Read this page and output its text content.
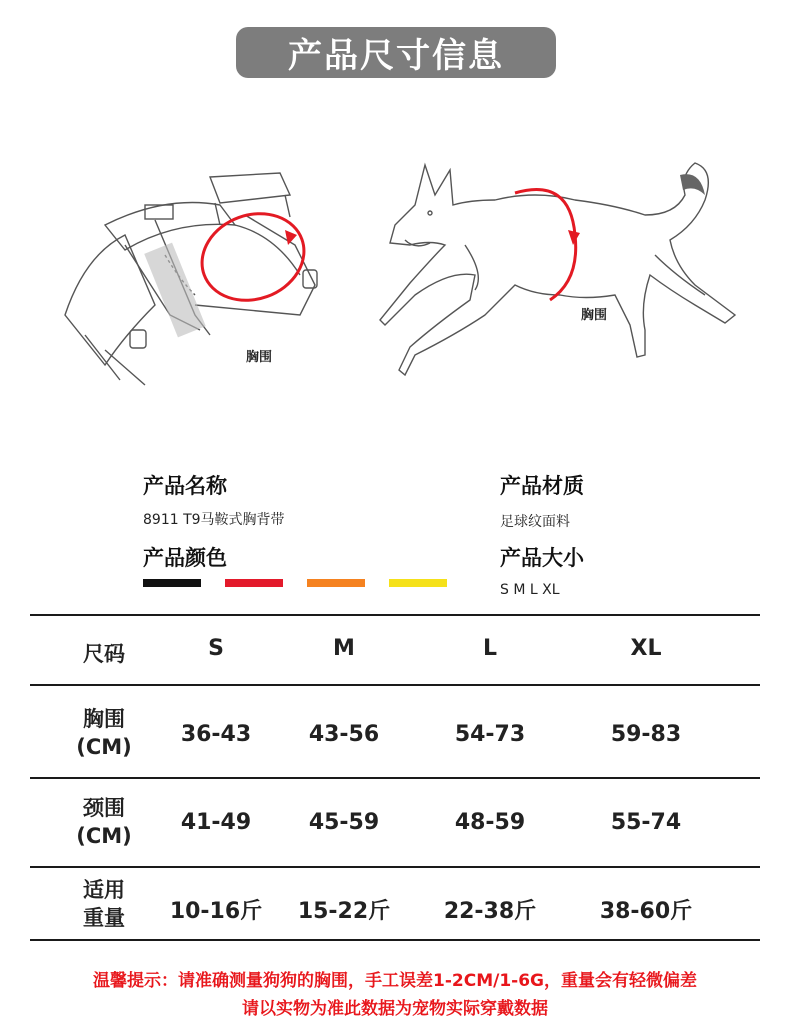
产品尺寸信息
胸围
胸围
产品名称
8911 T9马鞍式胸背带
产品材质
足球纹面料
产品颜色	产品大小
S M L XL
尺码	S	M	L	XL
胸围
(CM)	36-43	43-56	54-73	59-83
颈围
(CM)
41-49	45-59	48-59	55-74
适用
重量	10-16斤	15-22斤	22-38斤	38-60斤
温馨提示：请准确测量狗狗的胸围，手工误差1-2CM/1-6G，重量会有轻微偏差
请以实物为准此数据为宠物实际穿戴数据
